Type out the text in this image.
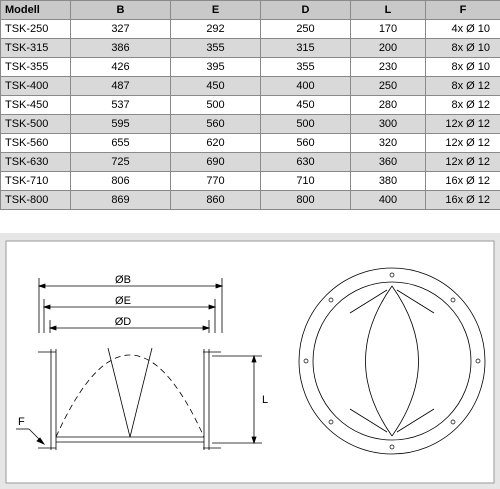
Modell	B	E	D	L	F
TSK-250	327	292	250	170	4x Ø 10
TSK-315	386	355	315	200	8x Ø 10
TSK-355	426	395	355	230	8x Ø 10
TSK-400	487	450	400	250	8x Ø 12
TSK-450	537	500	450	280	8x Ø 12
TSK-500	595	560	500	300	12x Ø 12
TSK-560	655	620	560	320	12x Ø 12
TSK-630	725	690	630	360	12x Ø 12
TSK-710	806	770	710	380	16x Ø 12
TSK-800	869	860	800	400	16x Ø 12
ØB
ØE
ØD
L
F
